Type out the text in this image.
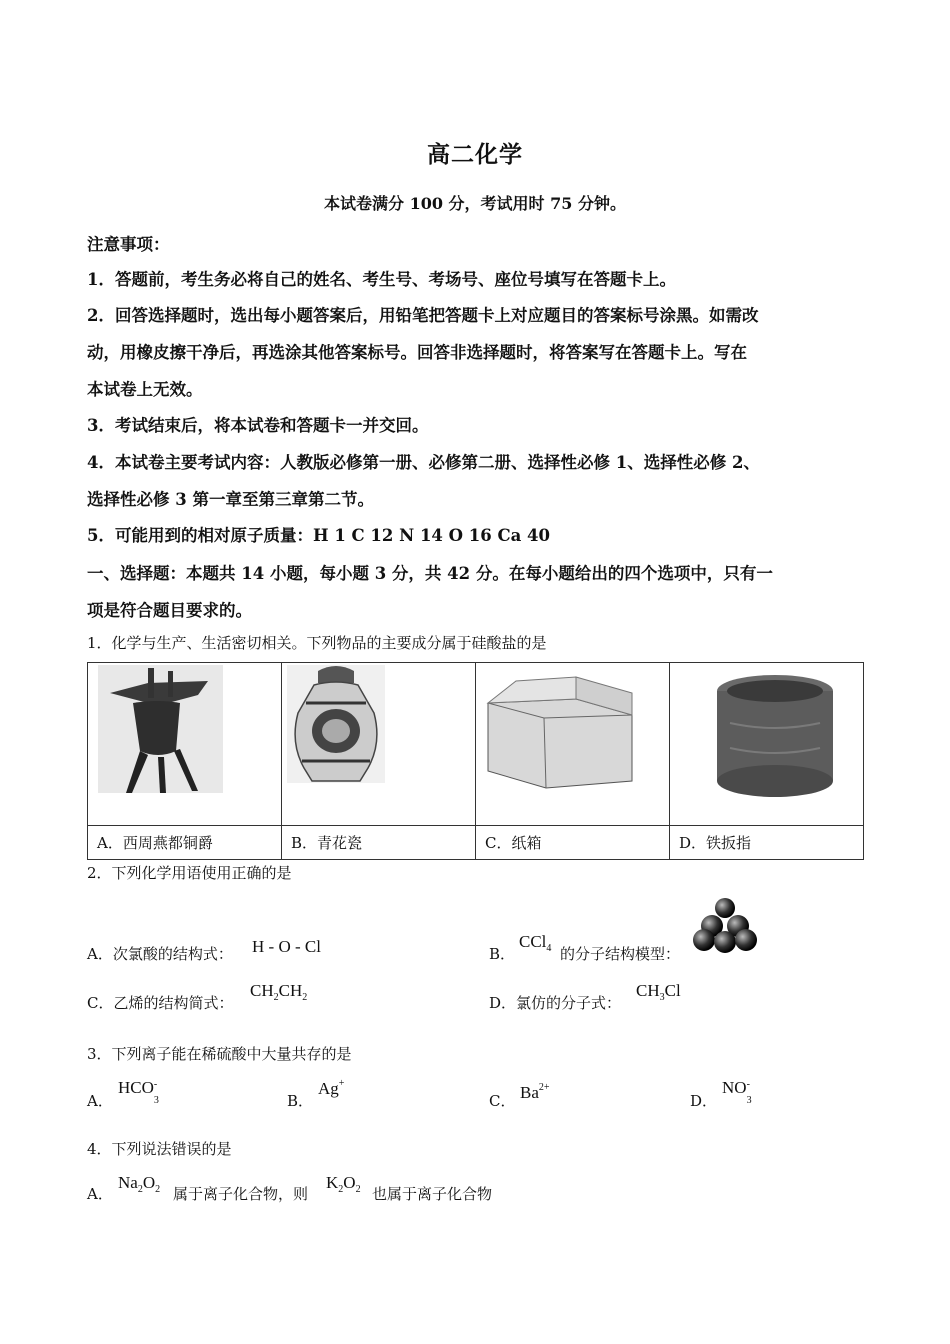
高二化学
本试卷满分 100 分，考试用时 75 分钟。
注意事项：
1．答题前，考生务必将自己的姓名、考生号、考场号、座位号填写在答题卡上。
2．回答选择题时，选出每小题答案后，用铅笔把答题卡上对应题目的答案标号涂黑。如需改
动，用橡皮擦干净后，再选涂其他答案标号。回答非选择题时，将答案写在答题卡上。写在
本试卷上无效。
3．考试结束后，将本试卷和答题卡一并交回。
4．本试卷主要考试内容：人教版必修第一册、必修第二册、选择性必修 1、选择性必修 2、
选择性必修 3 第一章至第三章第二节。
5．可能用到的相对原子质量：H 1 C 12 N 14 O 16 Ca 40
一、选择题：本题共 14 小题，每小题 3 分，共 42 分。在每小题给出的四个选项中，只有一
项是符合题目要求的。
1．化学与生产、生活密切相关。下列物品的主要成分属于硅酸盐的是

A．西周燕都铜爵	B．青花瓷	C．纸箱	D．铁扳指
2．下列化学用语使用正确的是
A．次氯酸的结构式： H - O - Cl	B．
CCl$_4$ 的分子结构模型：
C．乙烯的结构简式：
$CH_2CH_2$	D．氯仿的分子式：
$CH_3Cl$
3．下列离子能在稀硫酸中大量共存的是
A．
HCO -
3	B．
Ag+
C． $Ba^{2+}$
D．
NO -
3
4．下列说法错误的是
A．
$Na_2O_2$ 属于离子化合物，则
$K_2O_2$ 也属于离子化合物
